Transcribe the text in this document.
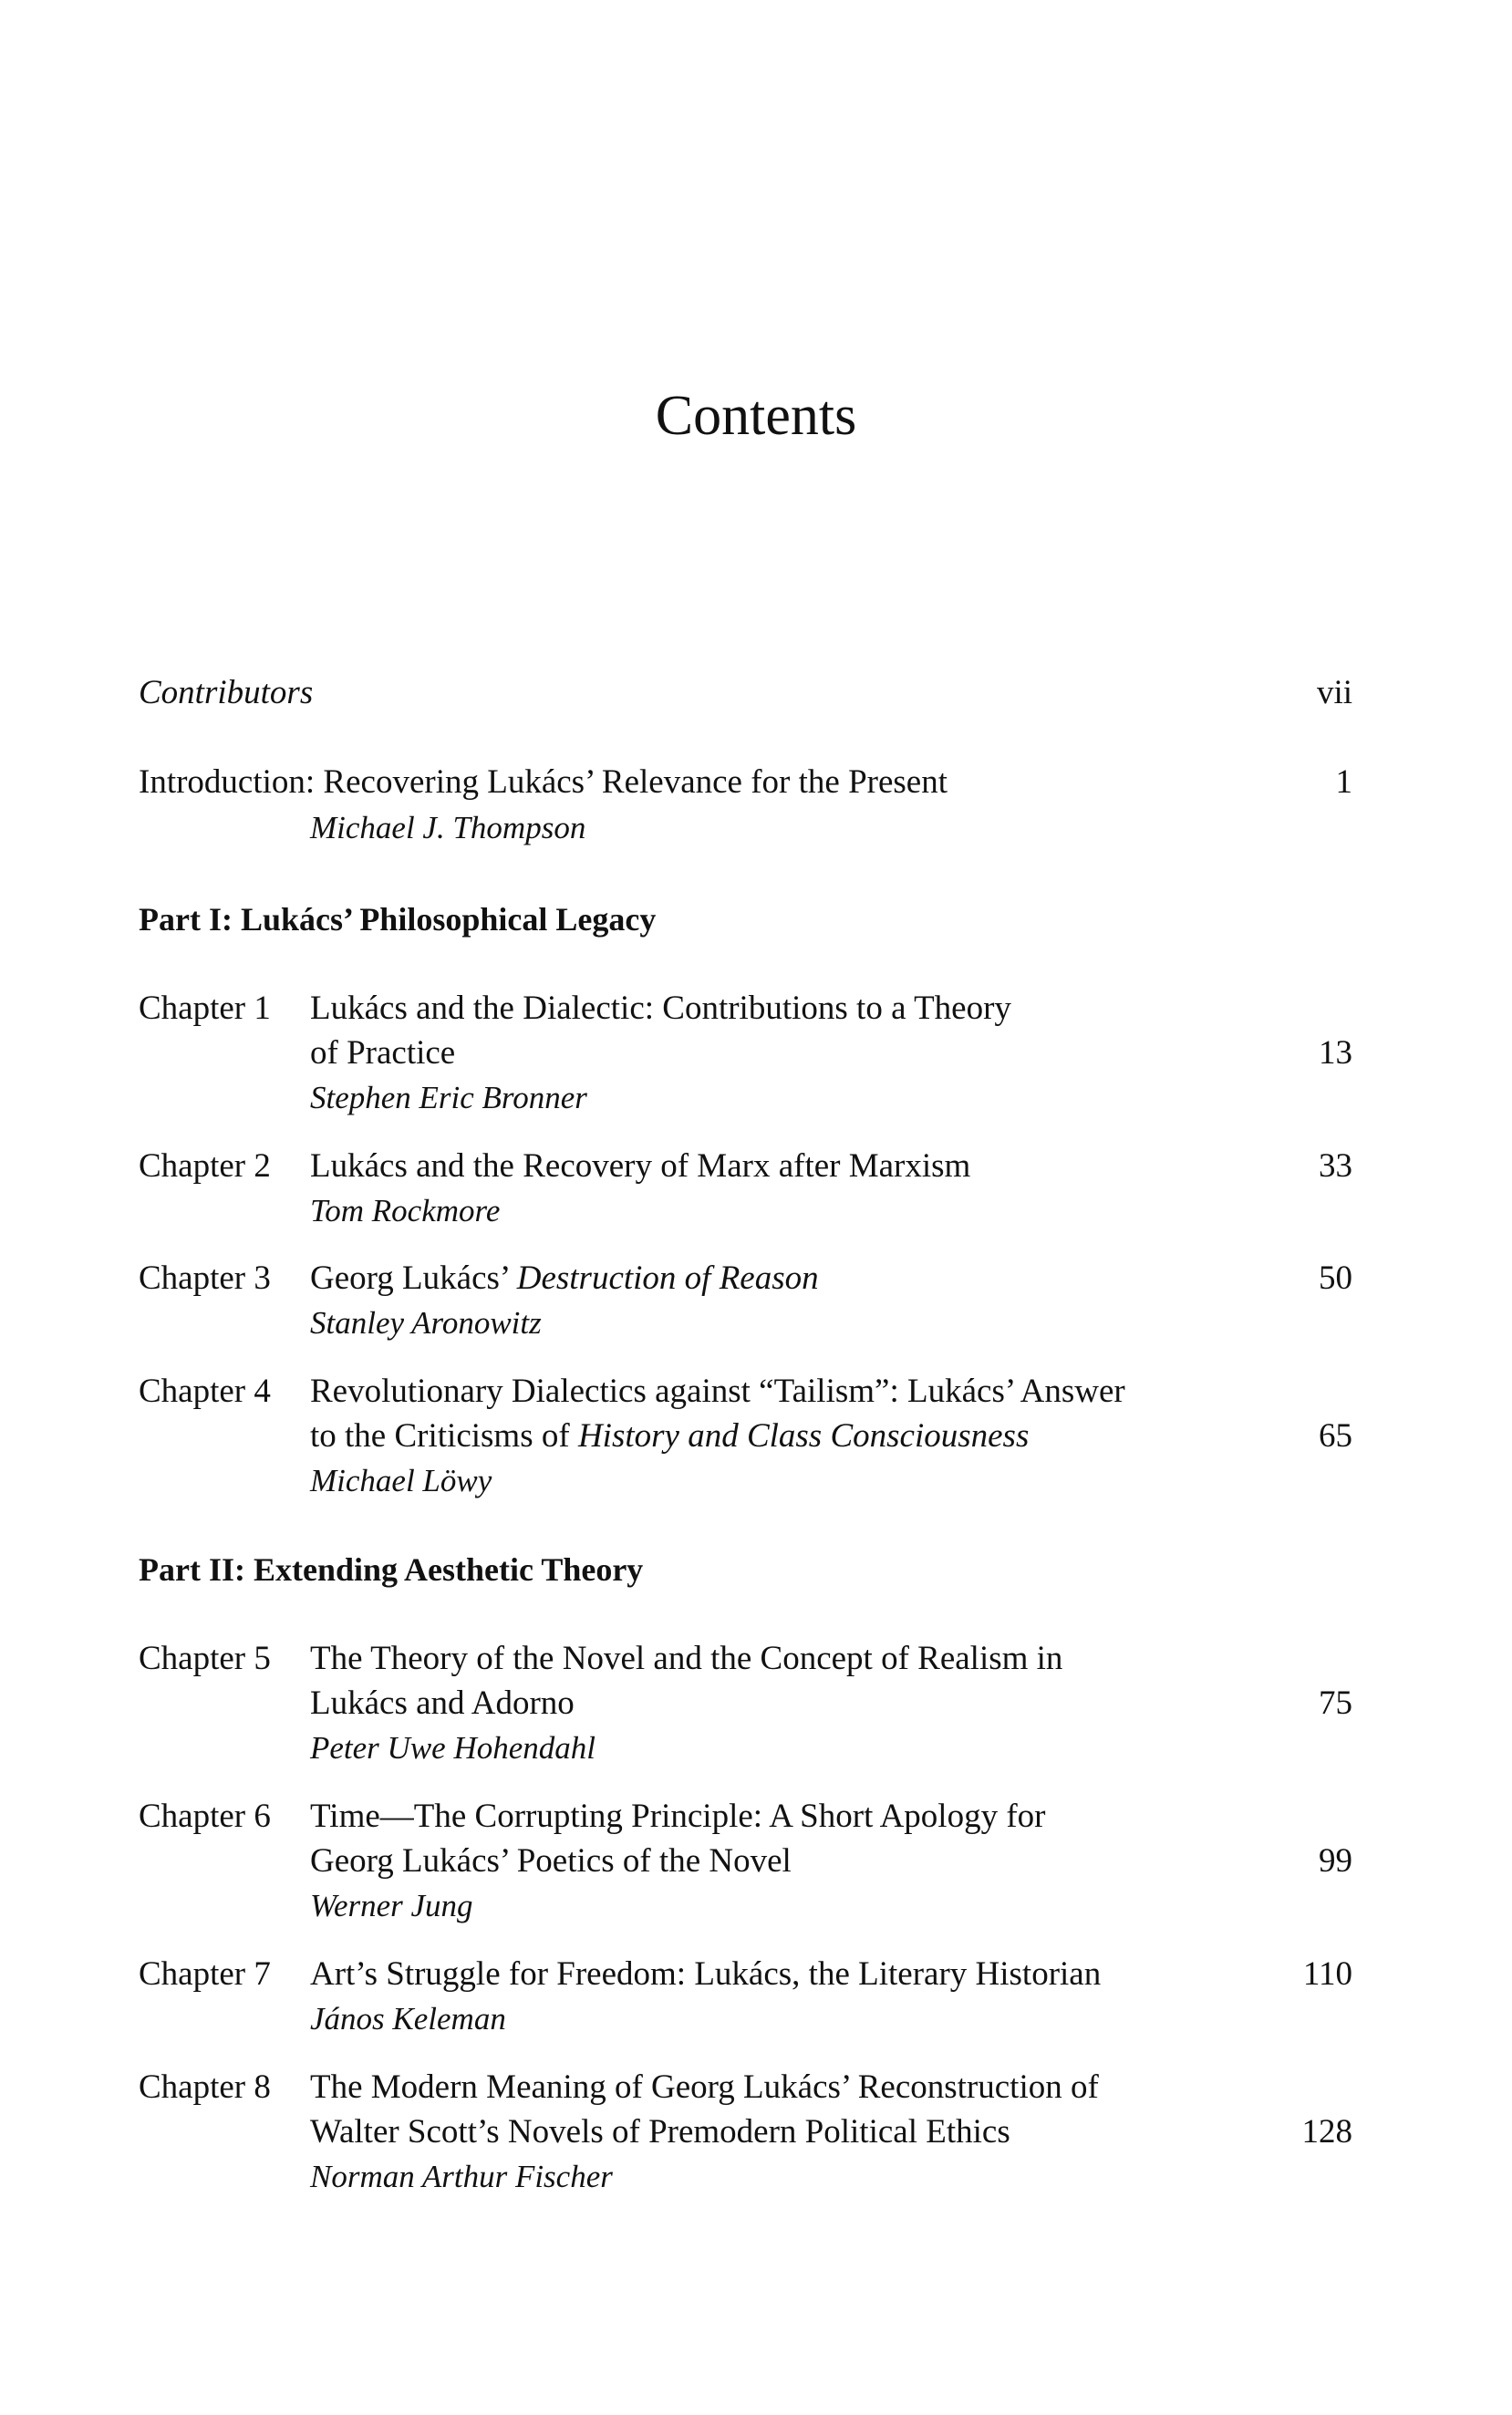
Contents
Contributors	vii
Introduction: Recovering Lukács’ Relevance for the Present	1
Michael J. Thompson
Part I: Lukács’ Philosophical Legacy
Chapter 1 Lukács and the Dialectic: Contributions to a Theory
of Practice	13
Stephen Eric Bronner
Chapter 2 Lukács and the Recovery of Marx after Marxism	33
Tom Rockmore
Chapter 3 Georg Lukács’ Destruction of Reason	50
Stanley Aronowitz
Chapter 4 Revolutionary Dialectics against “Tailism”: Lukács’ Answer
to the Criticisms of History and Class Consciousness	65
Michael Löwy
Part II: Extending Aesthetic Theory
Chapter 5 The Theory of the Novel and the Concept of Realism in
Lukács and Adorno	75
Peter Uwe Hohendahl
Chapter 6 Time—The Corrupting Principle: A Short Apology for
Georg Lukács’ Poetics of the Novel	99
Werner Jung
Chapter 7 Art’s Struggle for Freedom: Lukács, the Literary Historian	110
János Keleman
Chapter 8 The Modern Meaning of Georg Lukács’ Reconstruction of
Walter Scott’s Novels of Premodern Political Ethics	128
Norman Arthur Fischer
